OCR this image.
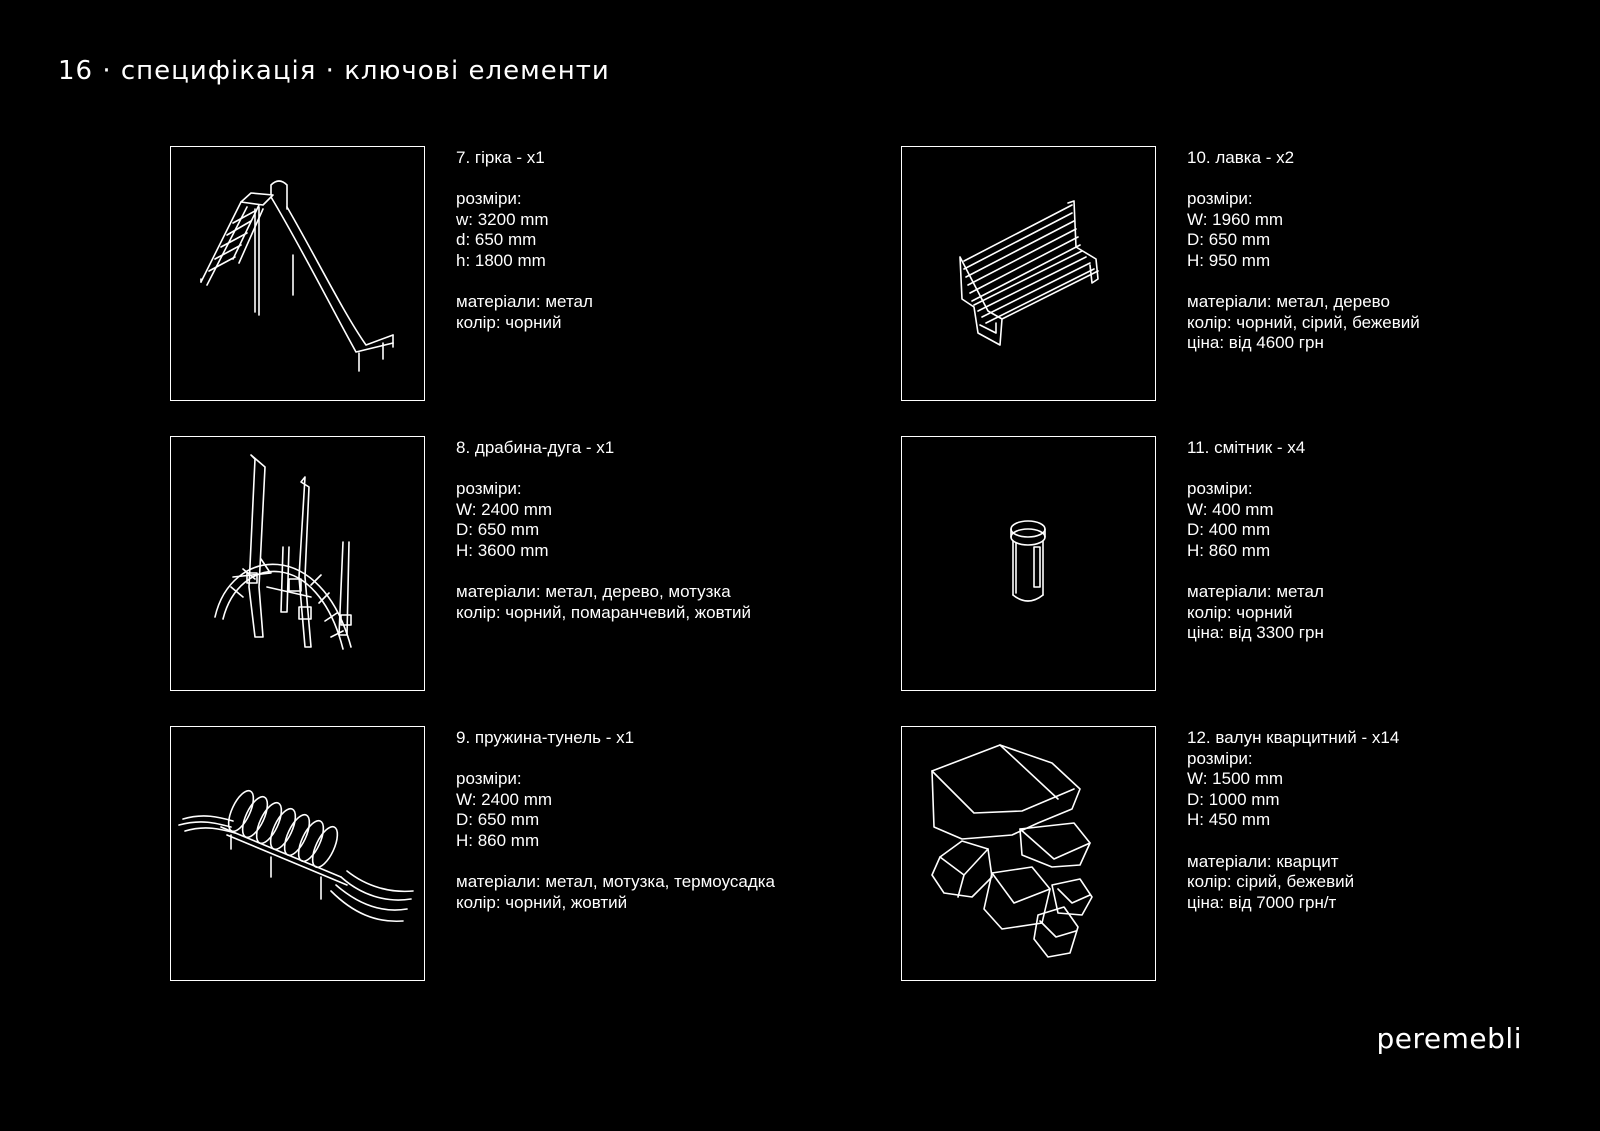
16 · специфікація · ключові елементи
7. гірка - x1
розміри:
w: 3200 mm
d: 650 mm
h: 1800 mm
матеріали: метал
колір: чорний
8. драбина-дуга - x1
розміри:
W: 2400 mm
D: 650 mm
H: 3600 mm
матеріали: метал, дерево, мотузка
колір: чорний, помаранчевий, жовтий
9. пружина-тунель - x1
розміри:
W: 2400 mm
D: 650 mm
H: 860 mm
матеріали: метал, мотузка, термоусадка
колір: чорний, жовтий
10. лавка - x2
розміри:
W: 1960 mm
D: 650 mm
H: 950 mm
матеріали: метал, дерево
колір: чорний, сірий, бежевий
ціна: від 4600 грн
11. смітник - x4
розміри:
W: 400 mm
D: 400 mm
H: 860 mm
матеріали: метал
колір: чорний
ціна: від 3300 грн
12. валун кварцитний - x14
розміри:
W: 1500 mm
D: 1000 mm
H: 450 mm
матеріали: кварцит
колір: сірий, бежевий
ціна: від 7000 грн/т
peremebli
